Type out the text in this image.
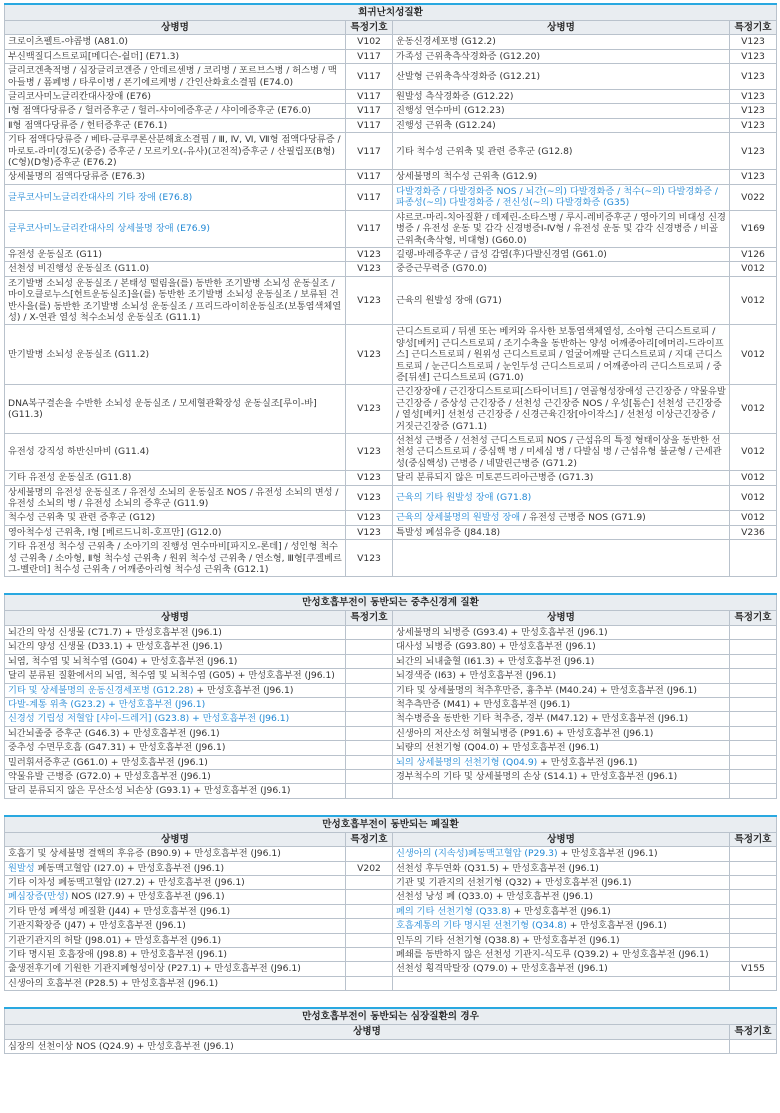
희귀난치성질환			
상병명	특정기호	상병명	특정기호
크로이츠펠트-야콥병 (A81.0)	V102	운동신경세포병 (G12.2)	V123
부신백질디스트로피[메디슨-쉴더] (E71.3)	V117	가족성 근위축측삭경화증 (G12.20)	V123
글리코겐축적병 / 심장글리코겐증 / 안데르센병 / 코리병 / 포르브스병 / 허스병 / 맥아들병 / 폼페병 / 타루이병 / 폰기에르케병 / 간인산화효소결핍 (E74.0)	V117	산발형 근위축측삭경화증 (G12.21)	V123
글리코사미노글리칸대사장애 (E76)	V117	원발성 측삭경화증 (G12.22)	V123
Ⅰ형 점액다당류증 / 헐러증후군 / 헐러-샤이에증후군 / 샤이에증후군 (E76.0)	V117	진행성 연수마비 (G12.23)	V123
Ⅱ형 점액다당류증 / 헌터증후군 (E76.1)	V117	진행성 근위축 (G12.24)	V123
기타 점액다당류증 / 베타-글루쿠론산분해효소결핍 / Ⅲ, Ⅳ, Ⅵ, Ⅶ형 점액다당류증 / 마로토-라미(경도)(중증) 증후군 / 모르키오(-유사)(고전적)증후군 / 산필립포(B형)(C형)(D형)증후군 (E76.2)	V117	기타 척수성 근위축 및 관련 증후군 (G12.8)	V123
상세불명의 점액다당류증 (E76.3)	V117	상세불명의 척수성 근위축 (G12.9)	V123
글루코사미노글리칸대사의 기타 장애 (E76.8)	V117	다발경화증 / 다발경화증 NOS / 뇌간(~의) 다발경화증 / 척수(~의) 다발경화증 / 파종성(~의) 다발경화증 / 전신성(~의) 다발경화증 (G35)	V022
글루코사미노글리칸대사의 상세불명 장애 (E76.9)	V117	샤르코-마리-치아질환 / 데제린-소타스병 / 루시-레비증후군 / 영아기의 비대성 신경병증 / 유전성 운동 및 감각 신경병증Ⅰ-Ⅳ형 / 유전성 운동 및 감각 신경병증 / 비골근위축(축삭형, 비대형) (G60.0)	V169
유전성 운동실조 (G11)	V123	길랭-바레증후군 / 급성 감염(후)다발신경염 (G61.0)	V126
선천성 비진행성 운동실조 (G11.0)	V123	중증근무력증 (G70.0)	V012
조기발병 소뇌성 운동실조 / 본태성 떨림을(를) 동반한 조기발병 소뇌성 운동실조 / 마이오클로누스[헌트운동실조]을(를) 동반한 조기발병 소뇌성 운동실조 / 보류된 건반사을(를) 동반한 조기발병 소뇌성 운동실조 / 프리드라이히운동실조(보통염색체열성) / X-연관 열성 척수소뇌성 운동실조 (G11.1)	V123	근육의 원발성 장애 (G71)	V012
만기발병 소뇌성 운동실조 (G11.2)	V123	근디스트로피 / 뒤센 또는 베커와 유사한 보통염색체열성, 소아형 근디스트로피 / 양성[베커] 근디스트로피 / 조기수축을 동반하는 양성 어깨종아리[에머리-드라이프스] 근디스트로피 / 원위성 근디스트로피 / 얼굴어깨팔 근디스트로피 / 지대 근디스트로피 / 눈근디스트로피 / 눈인두성 근디스트로피 / 어깨종아리 근디스트로피 / 중증[뒤센] 근디스트로피 (G71.0)	V012
DNA복구결손을 수반한 소뇌성 운동실조 / 모세혈관확장성 운동실조[루이-바] (G11.3)	V123	근긴장장애 / 근긴장디스트로피[스타이너트] / 연골형성장애성 근긴장증 / 약물유발 근긴장증 / 증상성 근긴장증 / 선천성 근긴장증 NOS / 우성[톰슨] 선천성 근긴장증 / 열성[베커] 선천성 근긴장증 / 신경근육긴장[아이작스] / 선천성 이상근긴장증 / 거짓근긴장증 (G71.1)	V012
유전성 강직성 하반신마비 (G11.4)	V123	선천성 근병증 / 선천성 근디스트로피 NOS / 근섬유의 특정 형태이상을 동반한 선천성 근디스트로피 / 중심핵 병 / 미세심 병 / 다발심 병 / 근섬유형 불균형 / 근세관성(중심핵성) 근병증 / 네말린근병증 (G71.2)	V012
기타 유전성 운동실조 (G11.8)	V123	달리 분류되지 않은 미토콘드리아근병증 (G71.3)	V012
상세불명의 유전성 운동실조 / 유전성 소뇌의 운동실조 NOS / 유전성 소뇌의 변성 / 유전성 소뇌의 병 / 유전성 소뇌의 증후군 (G11.9)	V123	근육의 기타 원발성 장애 (G71.8)	V012
척수성 근위축 및 관련 증후군 (G12)	V123	근육의 상세불명의 원발성 장애 / 유전성 근병증 NOS (G71.9)	V012
영아척수성 근위축, Ⅰ형 [베르드니히-호프만] (G12.0)	V123	특발성 폐섬유증 (J84.18)	V236
기타 유전성 척수성 근위축 / 소아기의 진행성 연수마비[파지오-론데] / 성인형 척수성 근위축 / 소아형, Ⅱ형 척수성 근위축 / 원위 척수성 근위축 / 연소형, Ⅲ형[쿠겔베르그-벨란더] 척수성 근위축 / 어깨종아리형 척수성 근위축 (G12.1)	V123		

만성호흡부전이 동반되는 중추신경계 질환			
상병명	특정기호	상병명	특정기호
뇌간의 악성 신생물 (C71.7) + 만성호흡부전 (J96.1)		상세불명의 뇌병증 (G93.4) + 만성호흡부전 (J96.1)	
뇌간의 양성 신생물 (D33.1) + 만성호흡부전 (J96.1)		대사성 뇌병증 (G93.80) + 만성호흡부전 (J96.1)	
뇌염, 척수염 및 뇌척수염 (G04) + 만성호흡부전 (J96.1)		뇌간의 뇌내출혈 (I61.3) + 만성호흡부전 (J96.1)	
달리 분류된 질환에서의 뇌염, 척수염 및 뇌척수염 (G05) + 만성호흡부전 (J96.1)		뇌경색증 (I63) + 만성호흡부전 (J96.1)	
기타 및 상세불명의 운동신경세포병 (G12.28) + 만성호흡부전 (J96.1)		기타 및 상세불명의 척추후만증, 흉추부 (M40.24) + 만성호흡부전 (J96.1)	
다발-계통 위축 (G23.2) + 만성호흡부전 (J96.1)		척추측만증 (M41) + 만성호흡부전 (J96.1)	
신경성 기립성 저혈압 [샤이-드레거] (G23.8) + 만성호흡부전 (J96.1)		척수병증을 동반한 기타 척추증, 경부 (M47.12) + 만성호흡부전 (J96.1)	
뇌간뇌졸중 증후군 (G46.3) + 만성호흡부전 (J96.1)		신생아의 저산소성 허혈뇌병증 (P91.6) + 만성호흡부전 (J96.1)	
중추성 수면무호흡 (G47.31) + 만성호흡부전 (J96.1)		뇌량의 선천기형 (Q04.0) + 만성호흡부전 (J96.1)	
밀러휘셔증후군 (G61.0) + 만성호흡부전 (J96.1)		뇌의 상세불명의 선천기형 (Q04.9) + 만성호흡부전 (J96.1)	
약물유발 근병증 (G72.0) + 만성호흡부전 (J96.1)		경부척수의 기타 및 상세불명의 손상 (S14.1) + 만성호흡부전 (J96.1)	
달리 분류되지 않은 무산소성 뇌손상 (G93.1) + 만성호흡부전 (J96.1)			

만성호흡부전이 동반되는 폐질환			
상병명	특정기호	상병명	특정기호
호흡기 및 상세불명 결핵의 후유증 (B90.9) + 만성호흡부전 (J96.1)		신생아의 (지속성)폐동맥고혈압 (P29.3) + 만성호흡부전 (J96.1)	
원발성 폐동맥고혈압 (I27.0) + 만성호흡부전 (J96.1)	V202	선천성 후두연화 (Q31.5) + 만성호흡부전 (J96.1)	
기타 이차성 폐동맥고혈압 (I27.2) + 만성호흡부전 (J96.1)		기관 및 기관지의 선천기형 (Q32) + 만성호흡부전 (J96.1)	
폐심장증(만성) NOS (I27.9) + 만성호흡부전 (J96.1)		선천성 낭성 폐 (Q33.0) + 만성호흡부전 (J96.1)	
기타 만성 폐색성 폐질환 (J44) + 만성호흡부전 (J96.1)		폐의 기타 선천기형 (Q33.8) + 만성호흡부전 (J96.1)	
기관지확장증 (J47) + 만성호흡부전 (J96.1)		호흡계통의 기타 명시된 선천기형 (Q34.8) + 만성호흡부전 (J96.1)	
기관기관지의 허탈 (J98.01) + 만성호흡부전 (J96.1)		인두의 기타 선천기형 (Q38.8) + 만성호흡부전 (J96.1)	
기타 명시된 호흡장애 (J98.8) + 만성호흡부전 (J96.1)		폐쇄를 동반하지 않은 선천성 기관지-식도루 (Q39.2) + 만성호흡부전 (J96.1)	
출생전후기에 기원한 기관지폐형성이상 (P27.1) + 만성호흡부전 (J96.1)		선천성 횡격막탈장 (Q79.0) + 만성호흡부전 (J96.1)	V155
신생아의 호흡부전 (P28.5) + 만성호흡부전 (J96.1)			

만성호흡부전이 동반되는 심장질환의 경우			
상병명			특정기호
심장의 선천이상 NOS (Q24.9) + 만성호흡부전 (J96.1)			
